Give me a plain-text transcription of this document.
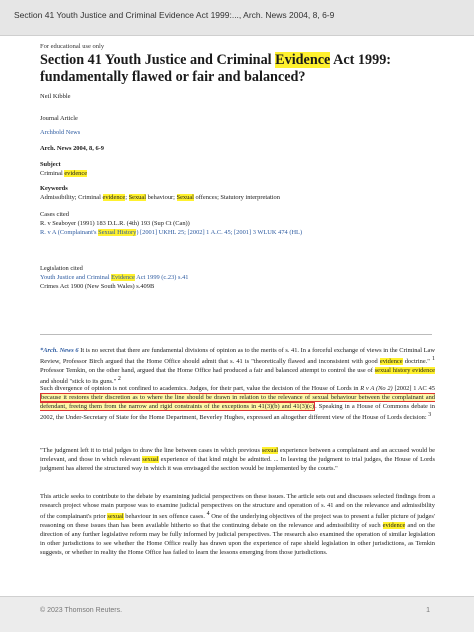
Section 41 Youth Justice and Criminal Evidence Act 1999:..., Arch. News 2004, 8, 6-9
For educational use only
Section 41 Youth Justice and Criminal Evidence Act 1999: fundamentally flawed or fair and balanced?
Neil Kibble
Journal Article
Archbold News
Arch. News 2004, 8, 6-9
Subject
Criminal evidence
Keywords
Admissibility; Criminal evidence; Sexual behaviour; Sexual offences; Statutory interpretation
Cases cited
R. v Seaboyer (1991) 183 D.L.R. (4th) 193 (Sup Ct (Can))
R. v A (Complainant's Sexual History) [2001] UKHL 25; [2002] 1 A.C. 45; [2001] 3 WLUK 474 (HL)
Legislation cited
Youth Justice and Criminal Evidence Act 1999 (c.23) s.41
Crimes Act 1900 (New South Wales) s.409B

*Arch. News 6 It is no secret that there are fundamental divisions of opinion as to the merits of s. 41. In a forceful exchange of views in the Criminal Law Review, Professor Birch argued that the Home Office should admit that s. 41 is "theoretically flawed and inconsistent with good evidence doctrine." $^1$ Professor Temkin, on the other hand, argued that the Home Office had produced a fair and balanced attempt to control the use of sexual history evidence and should "stick to its guns." $^2$

Such divergence of opinion is not confined to academics. Judges, for their part, value the decision of the House of Lords in R v A (No 2) [2002] 1 AC 45 because it restores their discretion as to where the line should be drawn in relation to the relevance of sexual behaviour between the complainant and defendant, freeing them from the narrow and rigid constraints of the exceptions in 41(3)(b) and 41(3)(c). Speaking in a House of Commons debate in 2002, the Under-Secretary of State for the Home Department, Beverley Hughes, expressed an altogether different view of the House of Lords decision: $^3$

"The judgment left it to trial judges to draw the line between cases in which previous sexual experience between a complainant and an accused would be irrelevant, and those in which relevant sexual experience of that kind might be admitted. ... In leaving the judgment to trial judges, the House of Lords judgment has altered the structured way in which it was envisaged the section would be implemented by the courts."

This article seeks to contribute to the debate by examining judicial perspectives on these issues. The article sets out and discusses selected findings from a research project whose main purpose was to examine judicial perspectives on the structure and operation of s. 41 and on the relevance and admissibility of the complainant's prior sexual behaviour in sex offence cases. $^4$ One of the underlying objectives of the project was to present a fuller picture of judges' reasoning on these issues than has been available hitherto so that the continuing debate on the relevance and admissibility of such evidence and on the direction of any further legislative reform may be fully informed by judicial perspectives. The research also examined the operation of similar legislation in other jurisdictions to see whether the Home Office really has drawn upon the experience of rape shield legislation in other jurisdictions, as Temkin suggests, or whether in reality the Home Office has failed to learn the lessons emerging from those jurisdictions.

© 2023 Thomson Reuters.	1
